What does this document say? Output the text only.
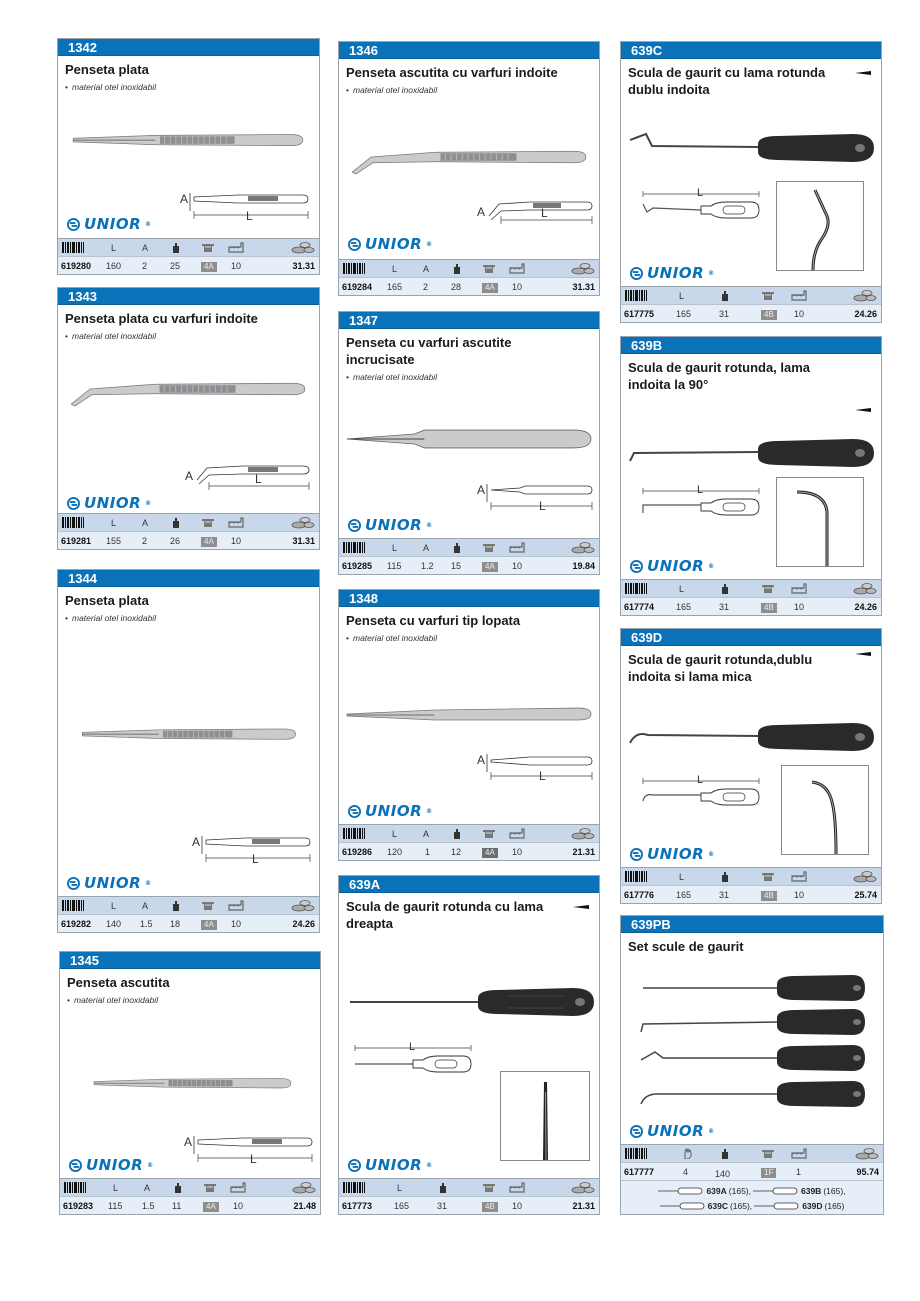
1342
Penseta plata
• material otel inoxidabil
A
L
UNIOR ®
L	A
619280 160 2	25	4A	10	31.31
1343
Penseta plata cu varfuri indoite
• material otel inoxidabil
A	L
UNIOR ®
L	A
619281 155 2	26	4A	10	31.31
1344
Penseta plata
• material otel inoxidabil
A
L
UNIOR ®
L	A
619282 140 1.5 18	4A	10	24.26
1345
Penseta ascutita
• material otel inoxidabil
A
L
UNIOR ®
L	A
619283 115 1.5 11	4A	10	21.48
1346
Penseta ascutita cu varfuri indoite
• material otel inoxidabil
A	L
UNIOR ®
L	A
619284 165 2	28	4A	10	31.31
1347
Penseta cu varfuri ascutite incrucisate
• material otel inoxidabil
A
L
UNIOR ®
L	A
619285 115 1.2 15	4A	10	19.84
1348
Penseta cu varfuri tip lopata
• material otel inoxidabil
A
L
UNIOR ®
L	A
619286 120	1 12	4A	10	21.31
639A
Scula de gaurit rotunda cu lama dreapta
L
UNIOR ®
L
617773 165	31	4B	10	21.31
639C
Scula de gaurit cu lama rotunda dublu indoita
L
UNIOR ®
L
617775 165	31	4B	10	24.26
639B
Scula de gaurit rotunda, lama indoita la 90°
L
UNIOR ®
L
617774 165	31	4B	10	24.26
639D
Scula de gaurit rotunda,dublu indoita si lama mica
L
UNIOR ®
L
617776 165	31	4B	10	25.74
639PB
Set scule de gaurit
UNIOR ®
617777	4	140	1F	1	95.74
639A (165),	639B (165),
639C (165),	639D (165)
